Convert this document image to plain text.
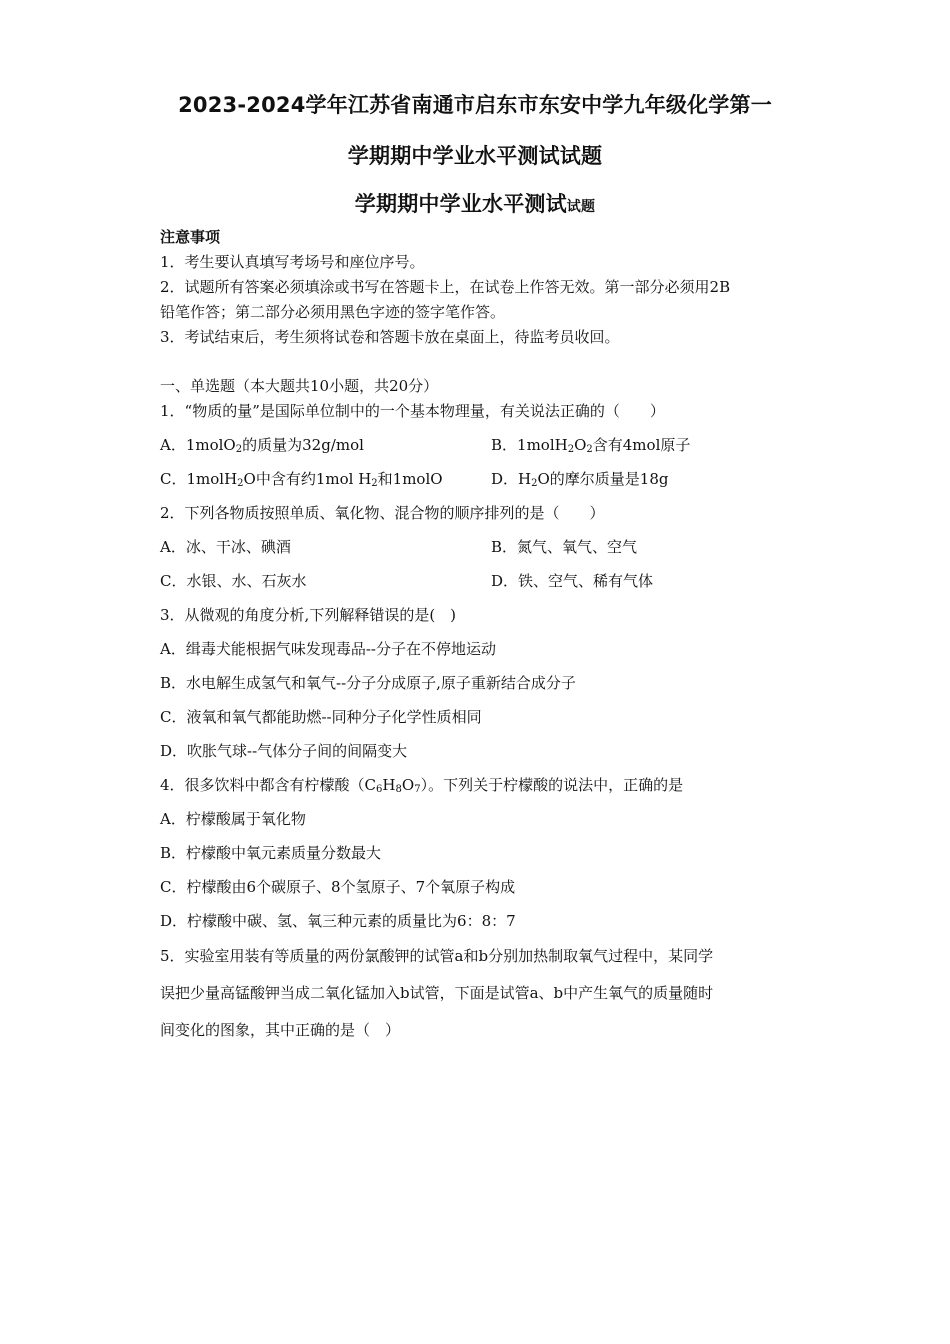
2023-2024学年江苏省南通市启东市东安中学九年级化学第一
学期期中学业水平测试试题
学期期中学业水平测试试题
注意事项
1．考生要认真填写考场号和座位序号。
2．试题所有答案必须填涂或书写在答题卡上，在试卷上作答无效。第一部分必须用2B
铅笔作答；第二部分必须用黑色字迹的签字笔作答。
3．考试结束后，考生须将试卷和答题卡放在桌面上，待监考员收回。
一、单选题（本大题共10小题，共20分）
1．“物质的量”是国际单位制中的一个基本物理量，有关说法正确的（　　）
A．1molO$_2$的质量为32g/mol	B．$1molH_2O_2$含有4mol原子
C．1molH$_2$O中含有约1mol $H_2$和1molO	D．$H_2O$的摩尔质量是18g
2．下列各物质按照单质、氧化物、混合物的顺序排列的是（　　）
A．冰、干冰、碘酒	B．氮气、氧气、空气
C．水银、水、石灰水	D．铁、空气、稀有气体
3．从微观的角度分析,下列解释错误的是(　)
A．缉毒犬能根据气味发现毒品--分子在不停地运动
B．水电解生成氢气和氧气--分子分成原子,原子重新结合成分子
C．液氧和氧气都能助燃--同种分子化学性质相同
D．吹胀气球--气体分子间的间隔变大
4．很多饮料中都含有柠檬酸$(C_6H_8O_7)$。下列关于柠檬酸的说法中，正确的是
A．柠檬酸属于氧化物
B．柠檬酸中氧元素质量分数最大
C．柠檬酸由6个碳原子、8个氢原子、7个氧原子构成
D．柠檬酸中碳、氢、氧三种元素的质量比为6：8：7
5．实验室用装有等质量的两份氯酸钾的试管a和b分别加热制取氧气过程中，某同学
误把少量高锰酸钾当成二氧化锰加入b试管，下面是试管a、b中产生氧气的质量随时
间变化的图象，其中正确的是（　）
